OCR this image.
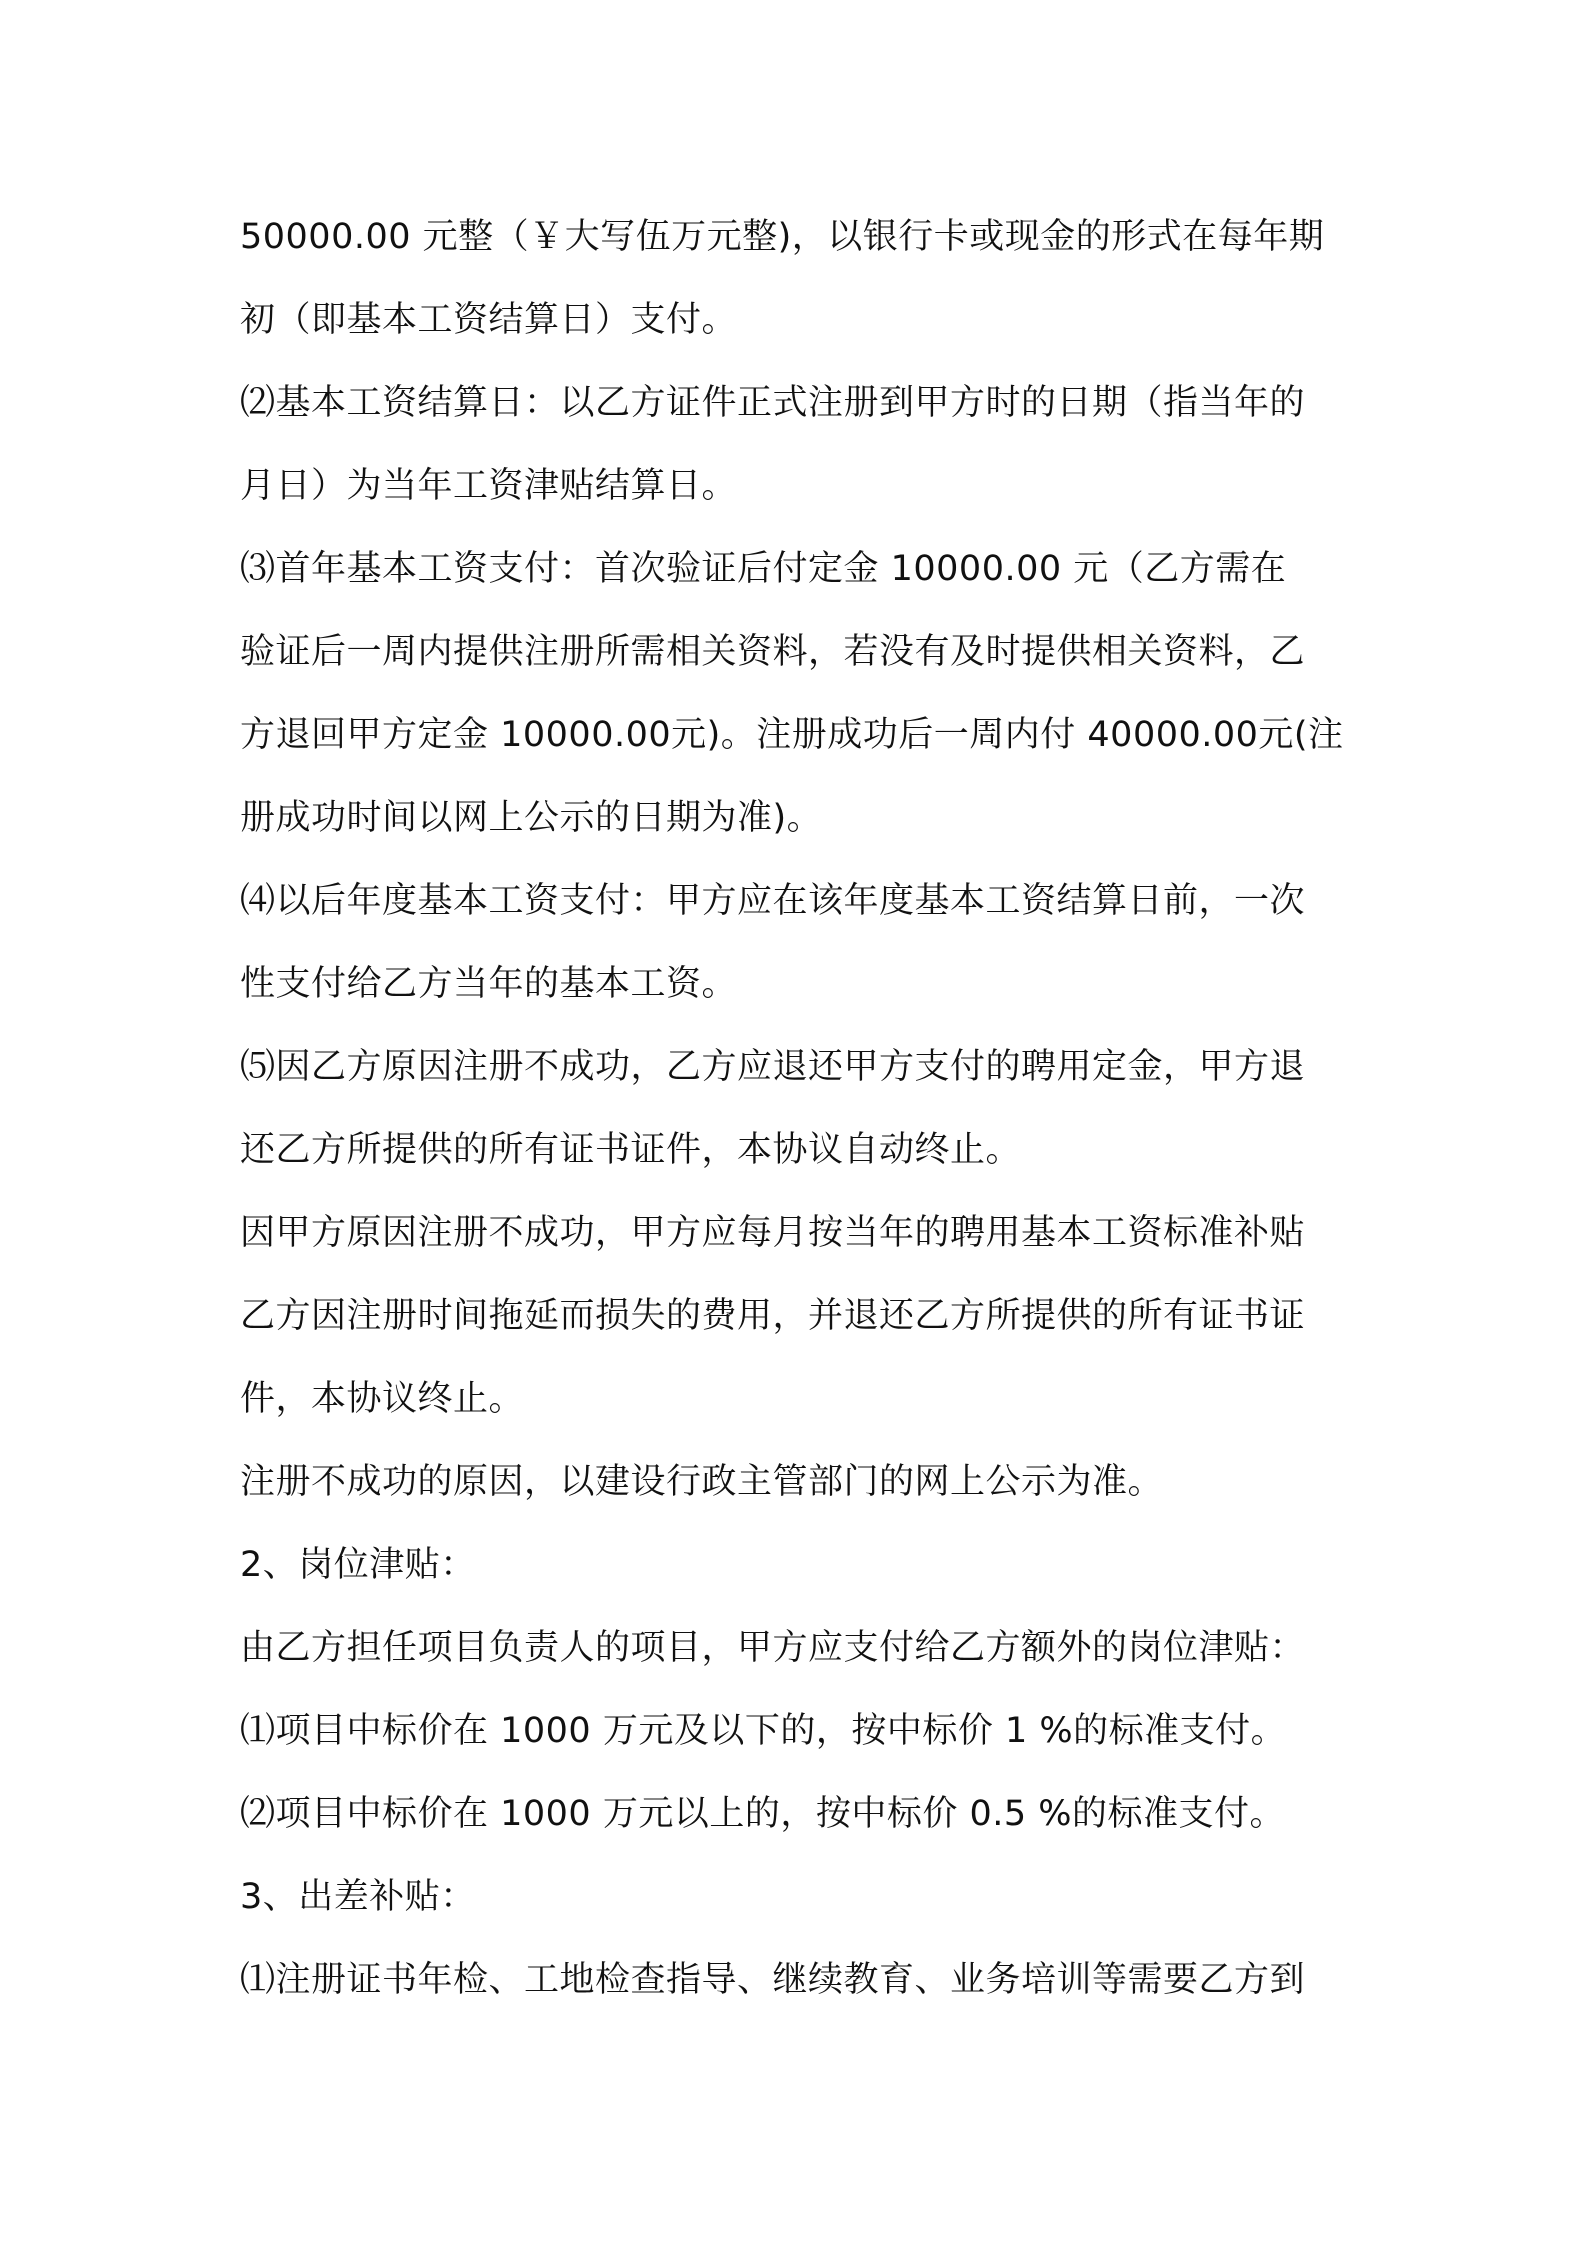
50000.00 元整（￥大写伍万元整)，以银行卡或现金的形式在每年期
初（即基本工资结算日）支付。
⑵基本工资结算日：以乙方证件正式注册到甲方时的日期（指当年的
月日）为当年工资津贴结算日。
⑶首年基本工资支付：首次验证后付定金 10000.00 元（乙方需在
验证后一周内提供注册所需相关资料，若没有及时提供相关资料，乙
方退回甲方定金 10000.00元)。注册成功后一周内付 40000.00元(注
册成功时间以网上公示的日期为准)。
⑷以后年度基本工资支付：甲方应在该年度基本工资结算日前，一次
性支付给乙方当年的基本工资。
⑸因乙方原因注册不成功，乙方应退还甲方支付的聘用定金，甲方退
还乙方所提供的所有证书证件，本协议自动终止。
因甲方原因注册不成功，甲方应每月按当年的聘用基本工资标准补贴
乙方因注册时间拖延而损失的费用，并退还乙方所提供的所有证书证
件，本协议终止。
注册不成功的原因，以建设行政主管部门的网上公示为准。
2、岗位津贴：
由乙方担任项目负责人的项目，甲方应支付给乙方额外的岗位津贴：
⑴项目中标价在 1000 万元及以下的，按中标价 1 %的标准支付。
⑵项目中标价在 1000 万元以上的，按中标价 0.5 %的标准支付。
3、出差补贴：
⑴注册证书年检、工地检查指导、继续教育、业务培训等需要乙方到
